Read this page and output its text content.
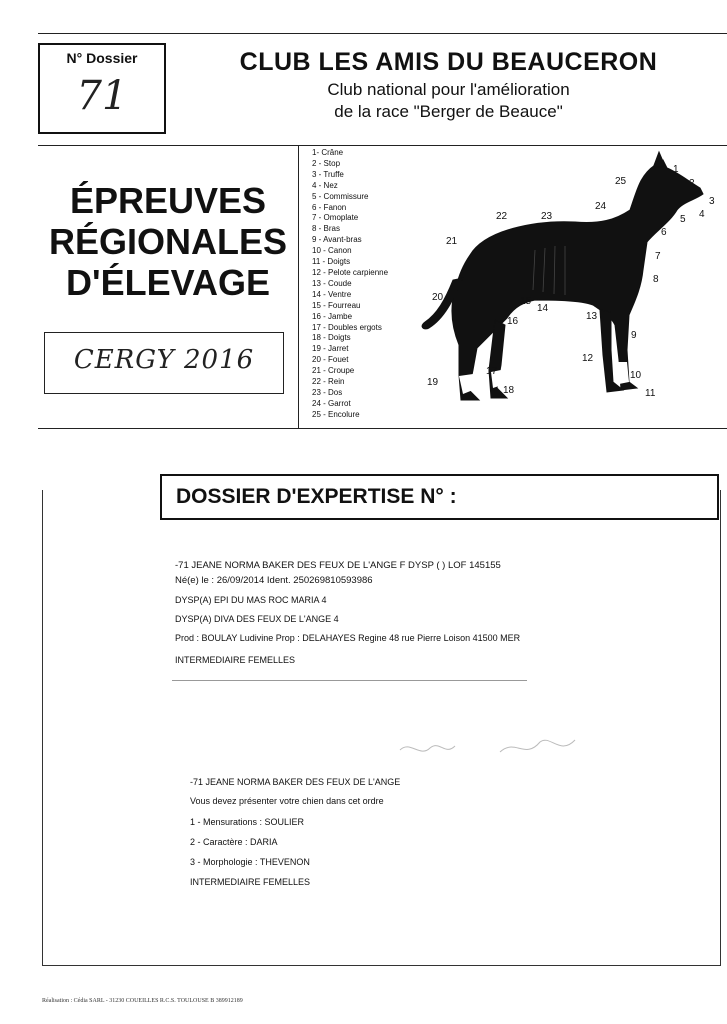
N° Dossier
71
CLUB LES AMIS DU BEAUCERON
Club national pour l'amélioration
de la race "Berger de Beauce"
ÉPREUVES
RÉGIONALES
D'ÉLEVAGE
CERGY 2016
1- Crâne
2 - Stop
3 - Truffe
4 - Nez
5 - Commissure
6 - Fanon
7 - Omoplate
8 - Bras
9 - Avant-bras
10 - Canon
11 - Doigts
12 - Pelote carpienne
13 - Coude
14 - Ventre
15 - Fourreau
16 - Jambe
17 - Doubles ergots
18 - Doigts
19 - Jarret
20 - Fouet
21 - Croupe
22 - Rein
23 - Dos
24 - Garrot
25 - Encolure
1
2
3
4
5
6
7
8
9
10
11
12
13
14
15
16
17
18
19
20
21
22	23
24
25
DOSSIER D'EXPERTISE N° :
-71 JEANE NORMA BAKER DES FEUX DE L'ANGE F DYSP ( ) LOF 145155
Né(e) le : 26/09/2014 Ident. 250269810593986
DYSP(A) EPI DU MAS ROC MARIA 4
DYSP(A) DIVA DES FEUX DE L'ANGE 4
Prod : BOULAY Ludivine Prop : DELAHAYES Regine 48 rue Pierre Loison 41500 MER
INTERMEDIAIRE FEMELLES
-71 JEANE NORMA BAKER DES FEUX DE L'ANGE
Vous devez présenter votre chien dans cet ordre
1 - Mensurations : SOULIER
2 - Caractère : DARIA
3 - Morphologie : THEVENON
INTERMEDIAIRE FEMELLES
Réalisation : Cédia SARL - 31230 COUEILLES R.C.S. TOULOUSE B 389912189
